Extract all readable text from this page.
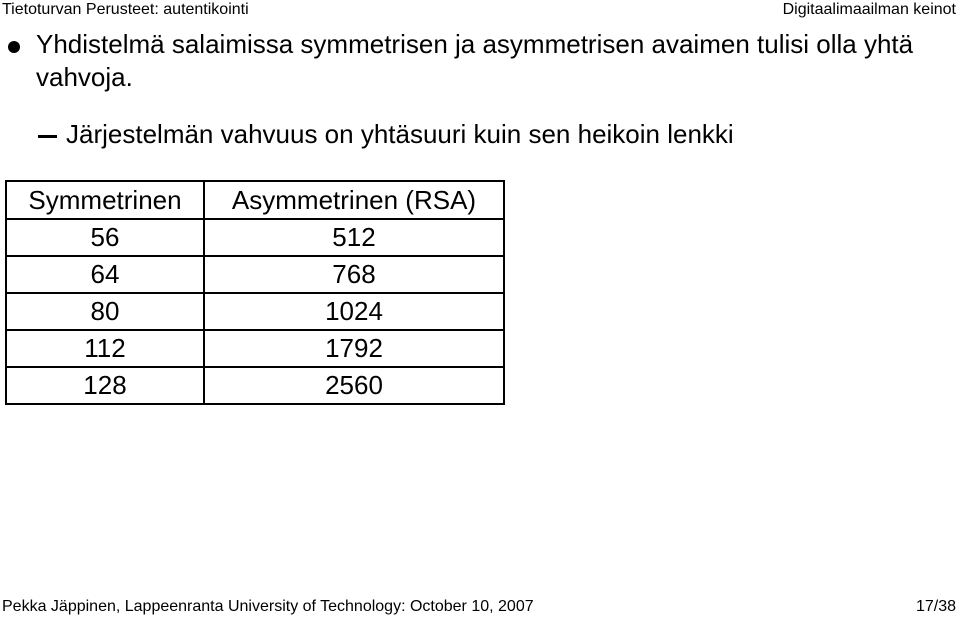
Tietoturvan Perusteet: autentikointi	Digitaalimaailman keinot
Yhdistelmä salaimissa symmetrisen ja asymmetrisen avaimen tulisi olla yhtä vahvoja.
Järjestelmän vahvuus on yhtäsuuri kuin sen heikoin lenkki
Symmetrinen	Asymmetrinen (RSA)
56	512
64	768
80	1024
112	1792
128	2560
Pekka Jäppinen, Lappeenranta University of Technology: October 10, 2007	17/38
